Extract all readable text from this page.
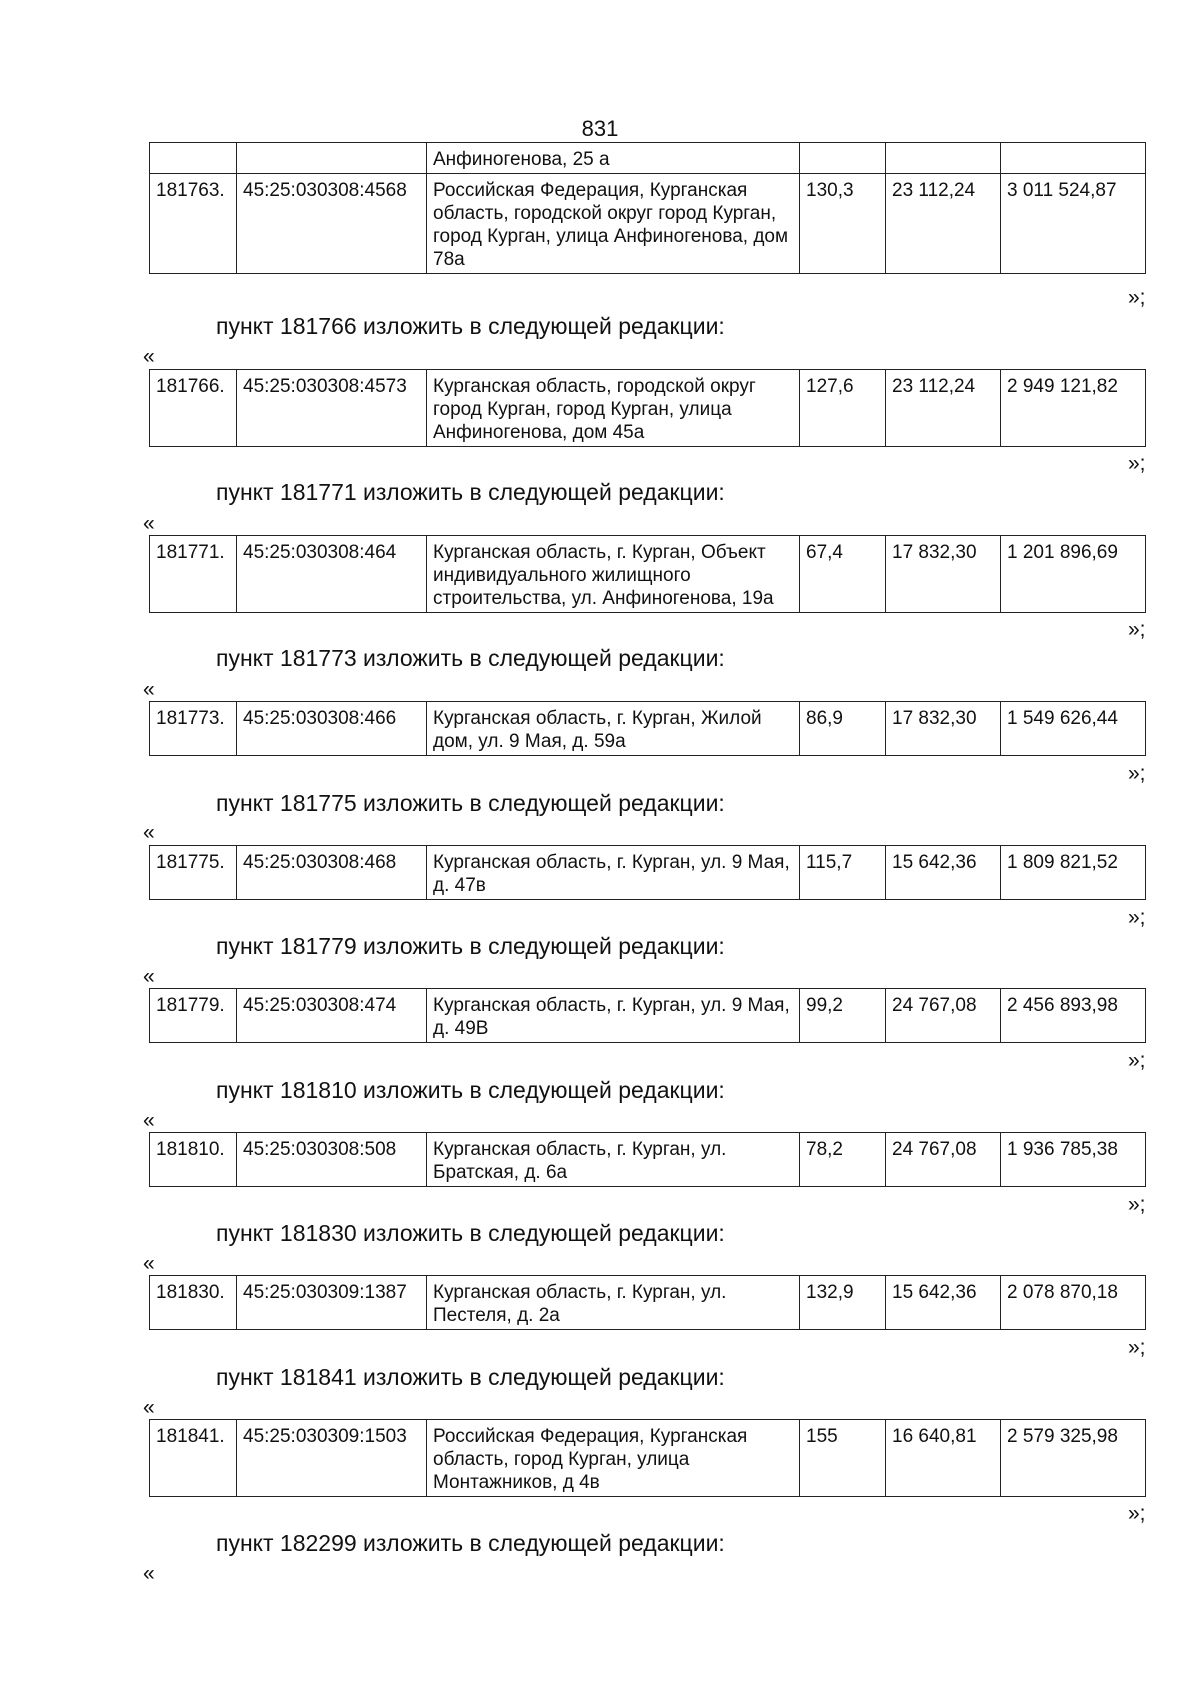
831
		Анфиногенова, 25 а			
181763.	45:25:030308:4568	Российская Федерация, Курганская область, городской округ город Курган, город Курган, улица Анфиногенова, дом 78а	130,3	23 112,24	3 011 524,87
»;
пункт 181766 изложить в следующей редакции:
«
181766.	45:25:030308:4573	Курганская область, городской округ город Курган, город Курган, улица Анфиногенова, дом 45а	127,6	23 112,24	2 949 121,82
»;
пункт 181771 изложить в следующей редакции:
«
181771.	45:25:030308:464	Курганская область, г. Курган, Объект индивидуального жилищного строительства, ул. Анфиногенова, 19а	67,4	17 832,30	1 201 896,69
»;
пункт 181773 изложить в следующей редакции:
«
181773.	45:25:030308:466	Курганская область, г. Курган, Жилой дом, ул. 9 Мая, д. 59а	86,9	17 832,30	1 549 626,44
»;
пункт 181775 изложить в следующей редакции:
«
181775.	45:25:030308:468	Курганская область, г. Курган, ул. 9 Мая, д. 47в	115,7	15 642,36	1 809 821,52
»;
пункт 181779 изложить в следующей редакции:
«
181779.	45:25:030308:474	Курганская область, г. Курган, ул. 9 Мая, д. 49В	99,2	24 767,08	2 456 893,98
»;
пункт 181810 изложить в следующей редакции:
«
181810.	45:25:030308:508	Курганская область, г. Курган, ул. Братская, д. 6а	78,2	24 767,08	1 936 785,38
»;
пункт 181830 изложить в следующей редакции:
«
181830.	45:25:030309:1387	Курганская область, г. Курган, ул. Пестеля, д. 2а	132,9	15 642,36	2 078 870,18
»;
пункт 181841 изложить в следующей редакции:
«
181841.	45:25:030309:1503	Российская Федерация, Курганская область, город Курган, улица Монтажников, д 4в	155	16 640,81	2 579 325,98
»;
пункт 182299 изложить в следующей редакции:
«
